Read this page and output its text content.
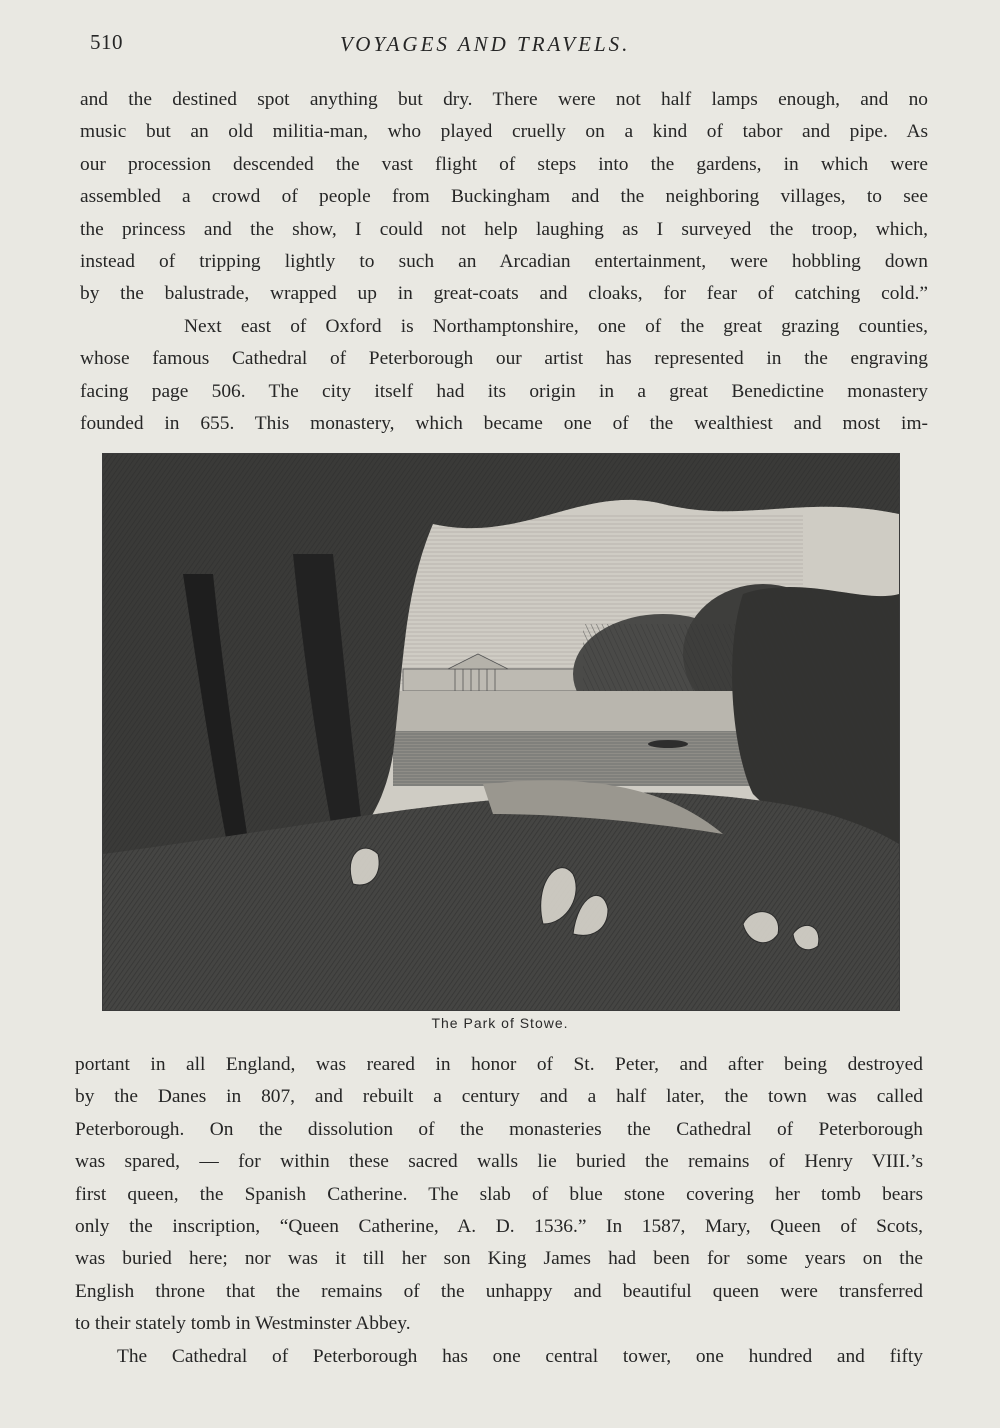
510	VOYAGES AND TRAVELS.
and the destined spot anything but dry. There were not half lamps enough, and no
music but an old militia-man, who played cruelly on a kind of tabor and pipe. As
our procession descended the vast flight of steps into the gardens, in which were
assembled a crowd of people from Buckingham and the neighboring villages, to see
the princess and the show, I could not help laughing as I surveyed the troop, which,
instead of tripping lightly to such an Arcadian entertainment, were hobbling down
by the balustrade, wrapped up in great-coats and cloaks, for fear of catching cold.”
Next east of Oxford is Northamptonshire, one of the great grazing counties,
whose famous Cathedral of Peterborough our artist has represented in the engraving
facing page 506. The city itself had its origin in a great Benedictine monastery
founded in 655. This monastery, which became one of the wealthiest and most im-
The Park of Stowe.
portant in all England, was reared in honor of St. Peter, and after being destroyed
by the Danes in 807, and rebuilt a century and a half later, the town was called
Peterborough. On the dissolution of the monasteries the Cathedral of Peterborough
was spared, — for within these sacred walls lie buried the remains of Henry VIII.’s
first queen, the Spanish Catherine. The slab of blue stone covering her tomb bears
only the inscription, “Queen Catherine, A. D. 1536.” In 1587, Mary, Queen of Scots,
was buried here; nor was it till her son King James had been for some years on the
English throne that the remains of the unhappy and beautiful queen were transferred
to their stately tomb in Westminster Abbey.
The Cathedral of Peterborough has one central tower, one hundred and fifty
